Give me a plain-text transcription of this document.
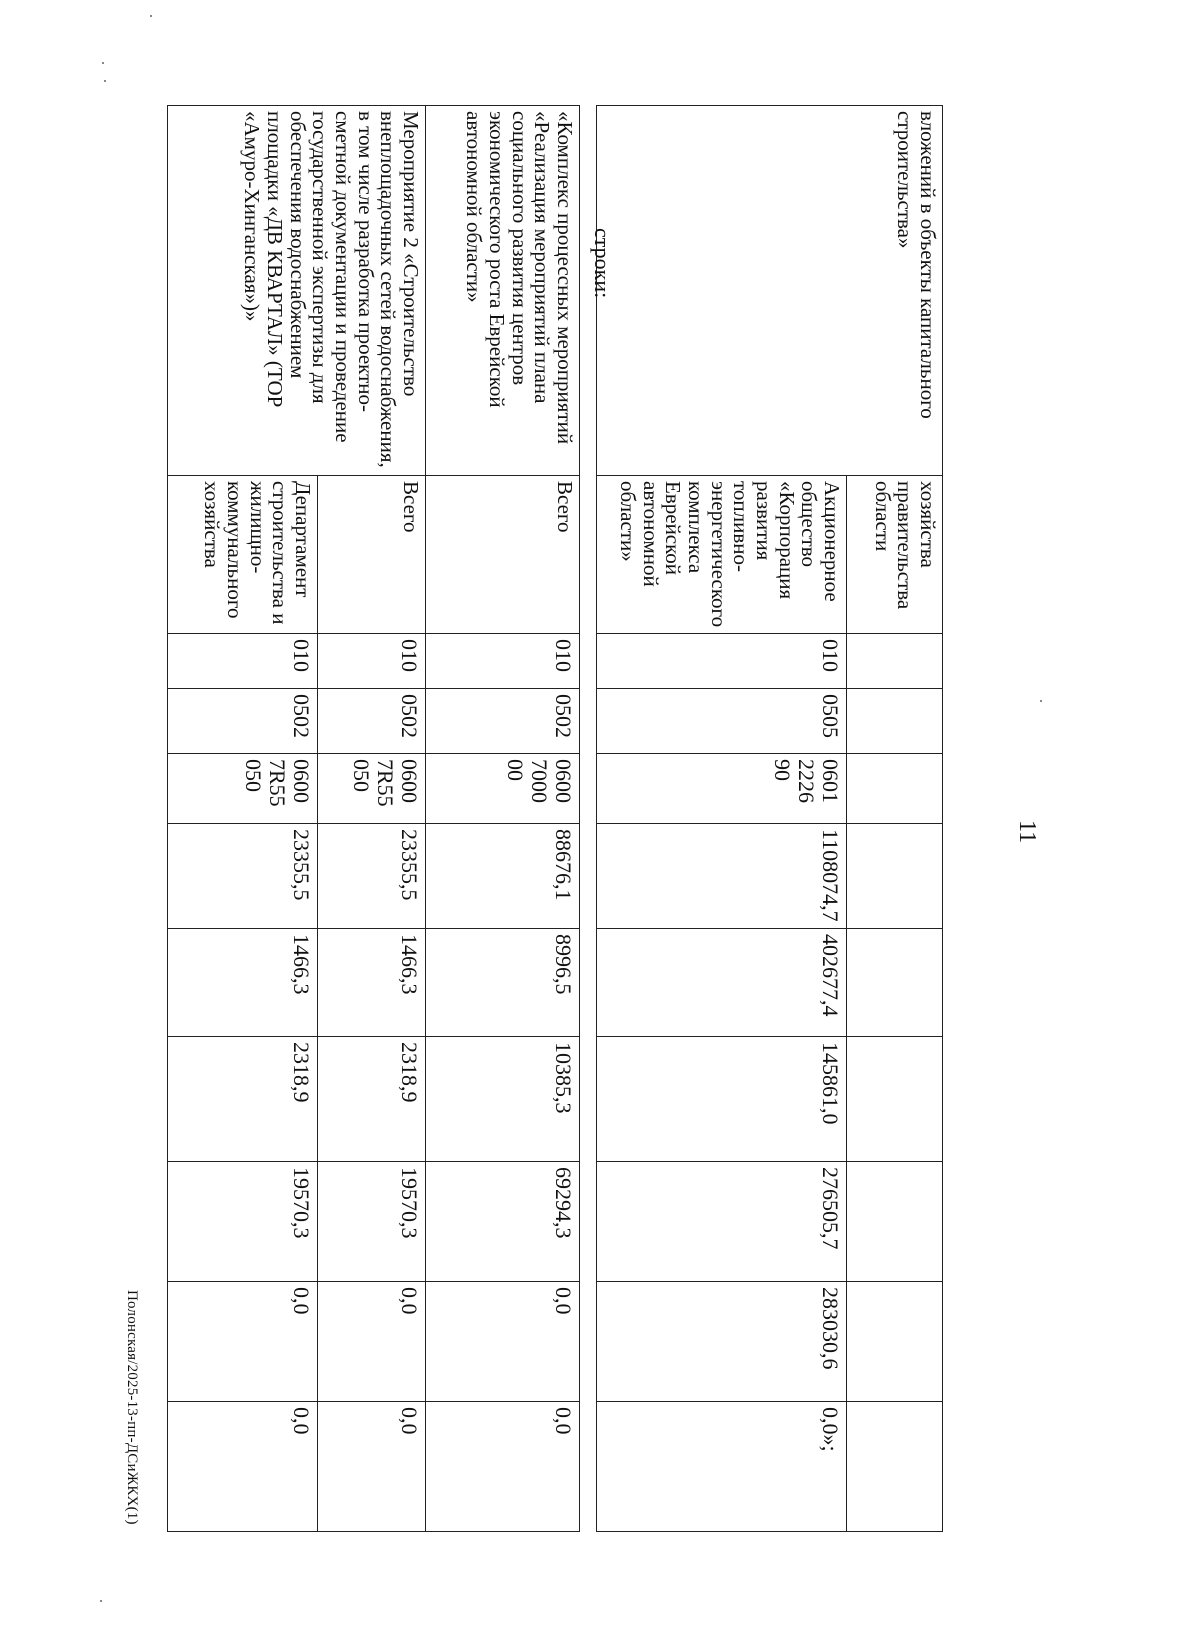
11
вложений в объекты капитального строительства»	хозяйства правительства области									
	Акционерное общество «Корпорация развития топливно-энергетического комплекса Еврейской автономной области»	010	0505	0601 2226 90	1108074,7	402677,4	145861,0	276505,7	283030,6	0,0»;
строки:
«Комплекс процессных мероприятий «Реализация мероприятий плана социального развития центров экономического роста Еврейской автономной области»	Всего	010	0502	0600 7000 00	88676,1	8996,5	10385,3	69294,3	0,0	0,0
Мероприятие 2 «Строительство внеплощадочных сетей водоснабжения, в том числе разработка проектно-сметной документации и проведение государственной экспертизы для обеспечения водоснабжением площадки «ДВ КВАРТАЛ» (ТОР «Амуро-Хинганская»)»	Всего	010	0502	0600 7R55 050	23355,5	1466,3	2318,9	19570,3	0,0	0,0
	Департамент строительства и жилищно-коммунального хозяйства	010	0502	0600 7R55 050	23355,5	1466,3	2318,9	19570,3	0,0	0,0
Полонская/2025-13-пп-ДСиЖКХ(1)
